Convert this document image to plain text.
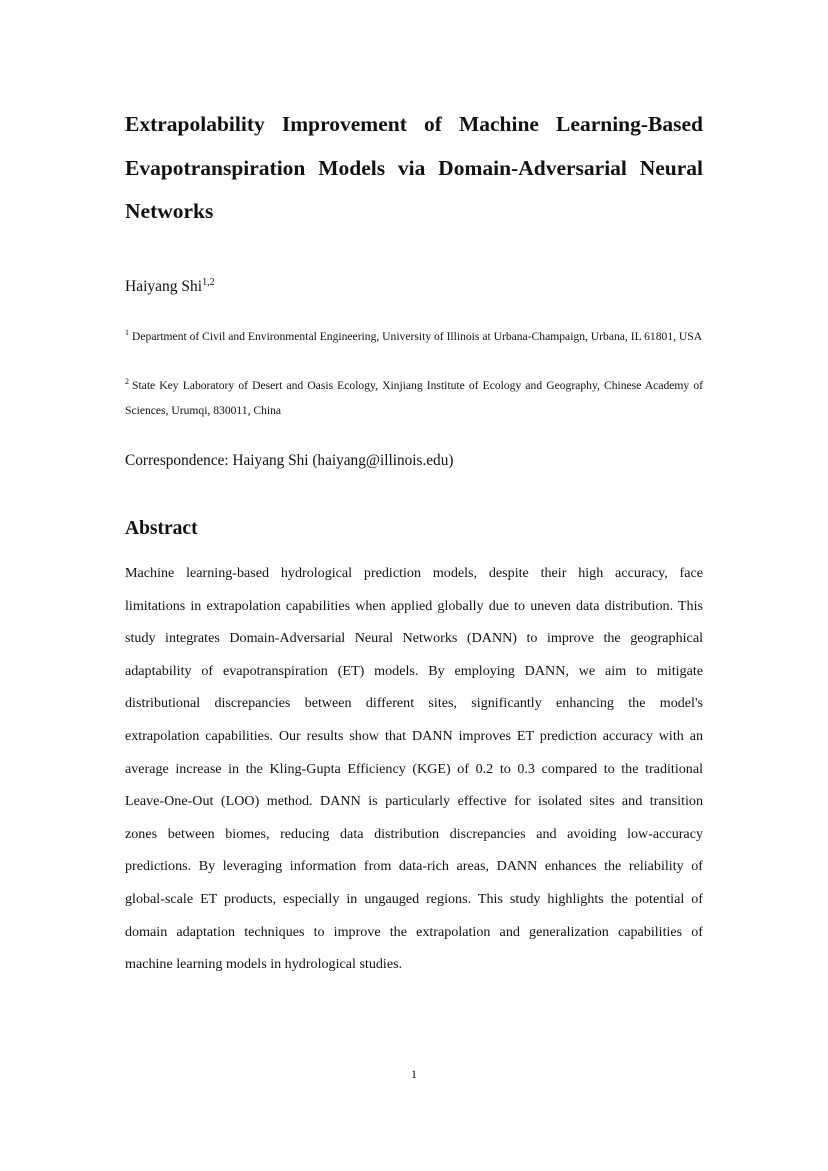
Extrapolability Improvement of Machine Learning-Based Evapotranspiration Models via Domain-Adversarial Neural Networks

Haiyang Shi$^{1,2}$

$^1$ Department of Civil and Environmental Engineering, University of Illinois at Urbana-Champaign, Urbana, IL 61801, USA

$^2$ State Key Laboratory of Desert and Oasis Ecology, Xinjiang Institute of Ecology and Geography, Chinese Academy of Sciences, Urumqi, 830011, China

Correspondence: Haiyang Shi (haiyang@illinois.edu)

Abstract
Machine learning-based hydrological prediction models, despite their high accuracy, face
limitations in extrapolation capabilities when applied globally due to uneven data distribution. This
study integrates Domain-Adversarial Neural Networks (DANN) to improve the geographical
adaptability of evapotranspiration (ET) models. By employing DANN, we aim to mitigate
distributional discrepancies between different sites, significantly enhancing the model's
extrapolation capabilities. Our results show that DANN improves ET prediction accuracy with an
average increase in the Kling-Gupta Efficiency (KGE) of 0.2 to 0.3 compared to the traditional
Leave-One-Out (LOO) method. DANN is particularly effective for isolated sites and transition
zones between biomes, reducing data distribution discrepancies and avoiding low-accuracy
predictions. By leveraging information from data-rich areas, DANN enhances the reliability of
global-scale ET products, especially in ungauged regions. This study highlights the potential of
domain adaptation techniques to improve the extrapolation and generalization capabilities of
machine learning models in hydrological studies.

1
